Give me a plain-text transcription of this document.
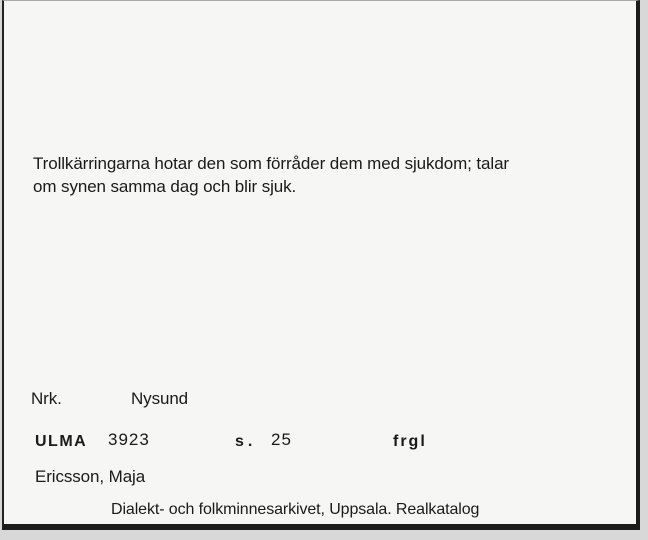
Trollkärringarna hotar den som förråder dem med sjukdom; talar
om synen samma dag och blir sjuk.
Nrk.	Nysund
ULMA 3923	s. 25	frgl
Ericsson, Maja
Dialekt- och folkminnesarkivet, Uppsala. Realkatalog
